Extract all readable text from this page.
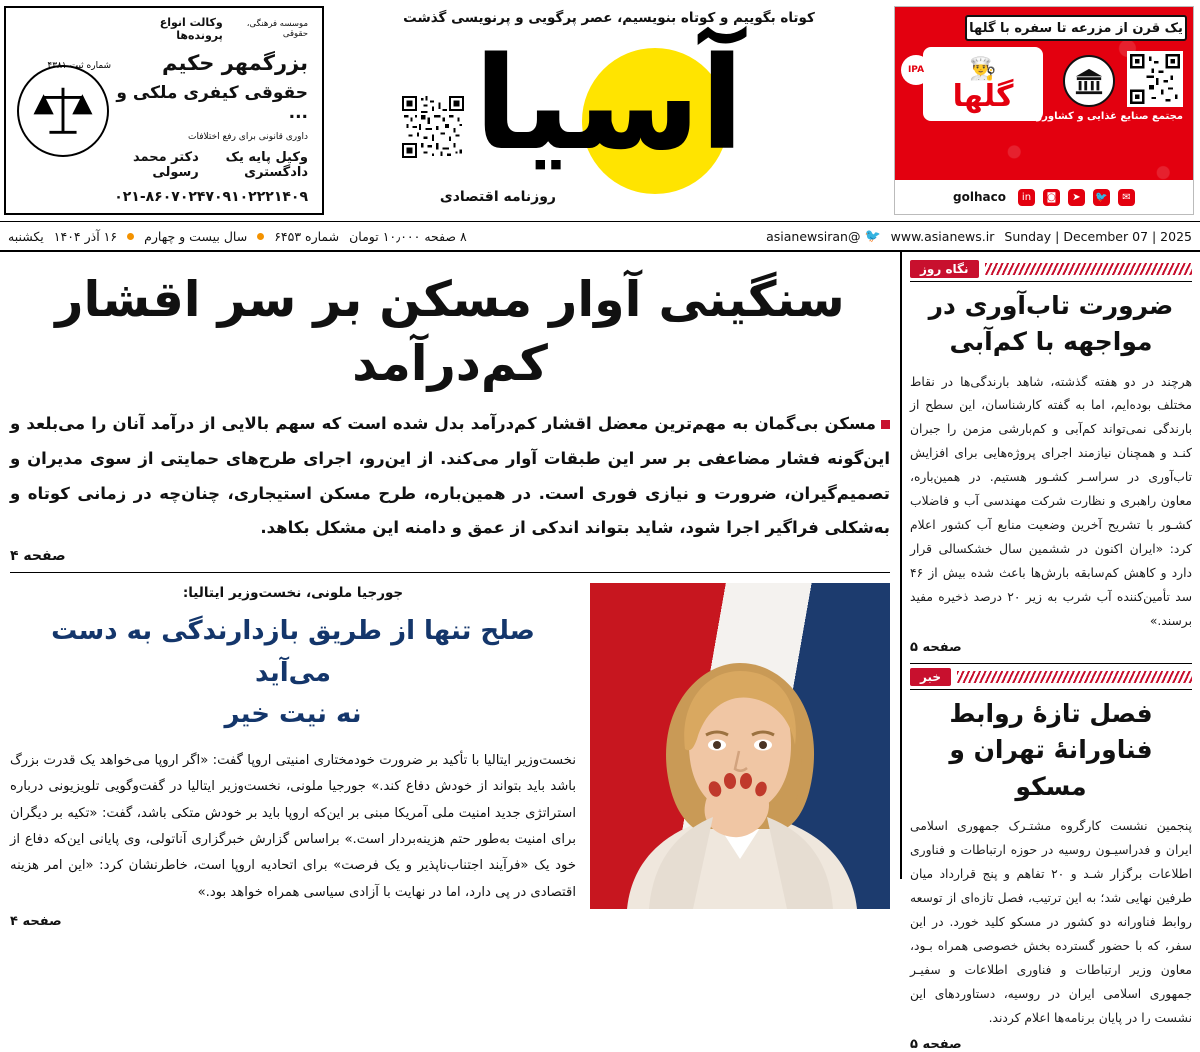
موسسه فرهنگی، حقوقی
وکالت انواع پرونده‌ها
بزرگمهر حکیم
حقوقی کیفری ملکی و ...
داوری قانونی برای رفع اختلافات
وکیل پایه یک دادگستری
دکتر محمد رسولی
۰۲۱-۸۶۰۷۰۲۴۷ ۰۹۱۰۲۲۲۱۴۰۹
شماره ثبت ۴۳۸۱
کوتاه بگوییم و کوتاه بنویسیم، عصر پرگویی و پرنویسی گذشت
آسیا
روزنامه اقتصادی
یک قرن از مزرعه تا سفره با گلها
👨‍🍳
گلها
IPA
مجتمع صنایع غذایی و کشاورزی
✉
🐦
➤
◙
in
golhaco
یکشنبه ۱۶ آذر ۱۴۰۴ سال بیست و چهارم شماره ۶۴۵۳ ۸ صفحه ۱۰٫۰۰۰ تومان	🐦
@asianewsiran www.asianews.ir Sunday | December 07 | 2025
نگاه روز
ضرورت تاب‌آوری در مواجهه با کم‌آبی
هرچند در دو هفته گذشته، شاهد بارندگی‌ها در نقاط مختلف بوده‌ایم، اما به گفته کارشناسان، این سطح از بارندگی نمی‌تواند کم‌آبی و کم‌بارشی مزمن را جبران کنـد و همچنان نیازمند اجرای پروژه‌هایی برای افزایش تاب‌آوری در سراسـر کشـور هستیم. در همین‌باره، معاون راهبری و نظارت شرکت مهندسی آب و فاضلاب کشـور با تشریح آخرین وضعیت منابع آب کشور اعلام کرد: «ایران اکنون در ششمین سال خشکسالی قرار دارد و کاهش کم‌سابقه بارش‌ها باعث شده بیش از ۴۶ سد تأمین‌کننده آب شرب به زیر ۲۰ درصد ذخیره مفید برسند.»
صفحه ۵
خبر
فصل تازهٔ روابط فناورانهٔ تهران و مسکو
پنجمین نشست کارگروه مشتـرک جمهوری اسلامی ایران و فدراسیـون روسیه در حوزه ارتباطات و فناوری اطلاعات برگزار شـد و ۲۰ تفاهم و پنج قرارداد میان طرفین نهایی شد؛ به این ترتیب، فصل تازه‌ای از توسعه روابط فناورانه دو کشور در مسکو کلید خورد. در این سفر، که با حضور گسترده بخش خصوصی همراه بـود، معاون وزیر ارتباطات و فناوری اطلاعات و سفیـر جمهوری اسلامی ایران در روسیه، دستاوردهای این نشست را در پایان برنامه‌ها اعلام کردند.
صفحه ۵
سنگینی آوار مسکن بر سر اقشار کم‌درآمد
مسکن بی‌گمان به مهم‌ترین معضل اقشار کم‌درآمد بدل شده است که سهم بالایی از درآمد آنان را می‌بلعد و این‌گونه فشار مضاعفی بر سر این طبقات آوار می‌کند. از این‌رو، اجرای طرح‌های حمایتی از سوی مدیران و تصمیم‌گیران، ضرورت و نیازی فوری است. در همین‌باره، طرح مسکن استیجاری، چنان‌چه در زمانی کوتاه و به‌شکلی فراگیر اجرا شود، شاید بتواند اندکی از عمق و دامنه این مشکل بکاهد.
صفحه ۴
جورجیا ملونی، نخست‌وزیر ایتالیا:
صلح تنها از طریق بازدارندگی به دست می‌آید
نه نیت خیر
نخست‌وزیر ایتالیا با تأکید بر ضرورت خودمختاری امنیتی اروپا گفت: «اگر اروپا می‌خواهد یک قدرت بزرگ باشد باید بتواند از خودش دفاع کند.» جورجیا ملونی، نخست‌وزیر ایتالیا در گفت‌وگویی تلویزیونی درباره استراتژی جدید امنیت ملی آمریکا مبنی بر این‌که اروپا باید بر خودش متکی باشد، گفت: «تکیه بر دیگران برای امنیت به‌طور حتم هزینه‌بردار است.» براساس گزارش خبرگزاری آناتولی، وی پایانی این‌که دفاع از خود یک «فرآیند اجتناب‌ناپذیر و یک فرصت» برای اتحادیه اروپا است، خاطرنشان کرد: «این امر هزینه اقتصادی در پی دارد، اما در نهایت با آزادی سیاسی همراه خواهد بود.»
صفحه ۴
